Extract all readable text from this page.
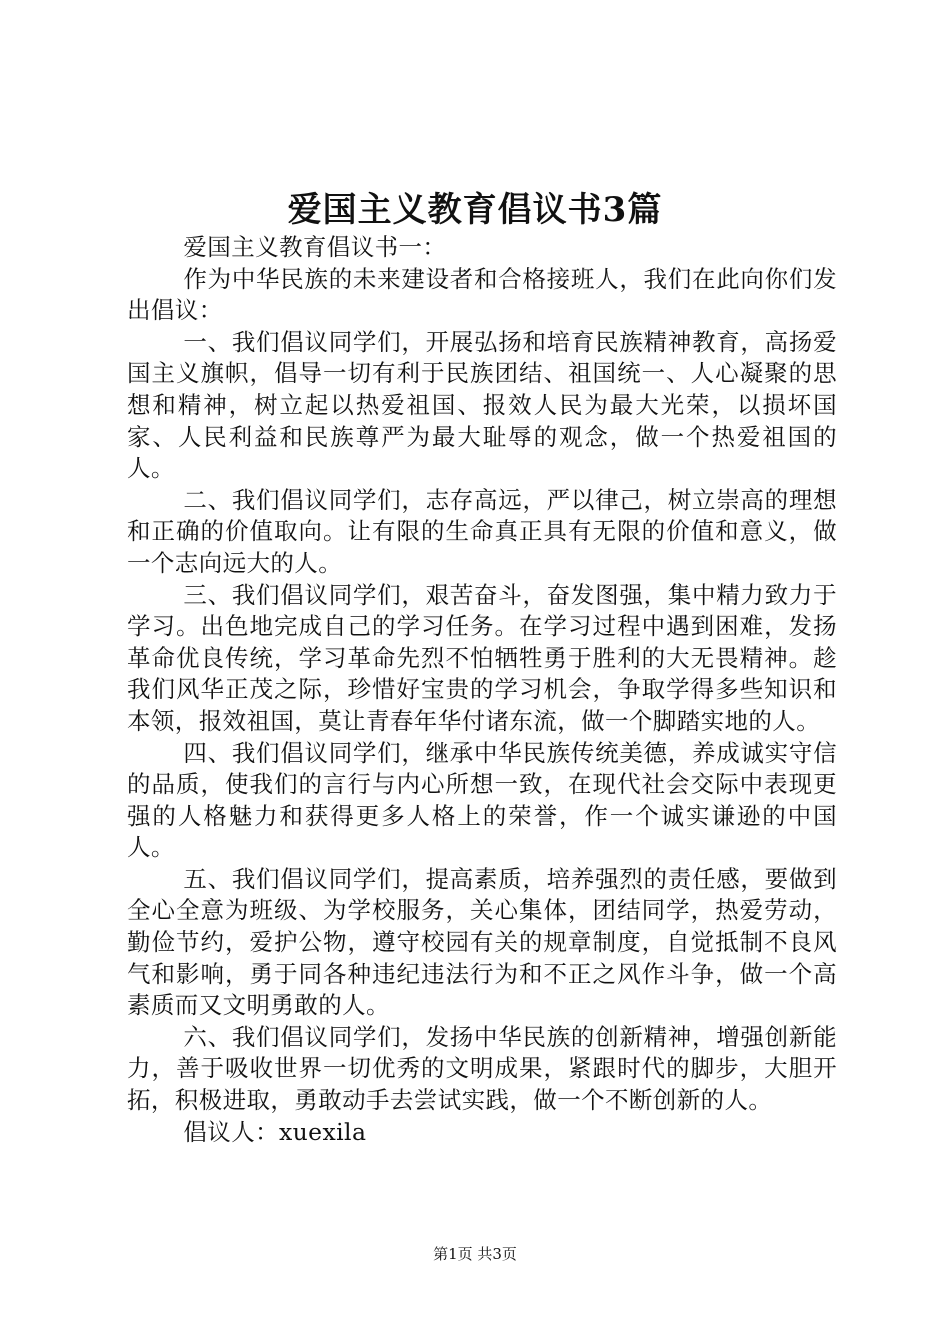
爱国主义教育倡议书3篇

爱国主义教育倡议书一：

作为中华民族的未来建设者和合格接班人，我们在此向你们发出倡议：

一、我们倡议同学们，开展弘扬和培育民族精神教育，高扬爱国主义旗帜，倡导一切有利于民族团结、祖国统一、人心凝聚的思想和精神，树立起以热爱祖国、报效人民为最大光荣，以损坏国家、人民利益和民族尊严为最大耻辱的观念，做一个热爱祖国的人。

二、我们倡议同学们，志存高远，严以律己，树立崇高的理想和正确的价值取向。让有限的生命真正具有无限的价值和意义，做一个志向远大的人。

三、我们倡议同学们，艰苦奋斗，奋发图强，集中精力致力于学习。出色地完成自己的学习任务。在学习过程中遇到困难，发扬革命优良传统，学习革命先烈不怕牺牲勇于胜利的大无畏精神。趁我们风华正茂之际，珍惜好宝贵的学习机会，争取学得多些知识和本领，报效祖国，莫让青春年华付诸东流，做一个脚踏实地的人。

四、我们倡议同学们，继承中华民族传统美德，养成诚实守信的品质，使我们的言行与内心所想一致，在现代社会交际中表现更强的人格魅力和获得更多人格上的荣誉，作一个诚实谦逊的中国人。

五、我们倡议同学们，提高素质，培养强烈的责任感，要做到全心全意为班级、为学校服务，关心集体，团结同学，热爱劳动，勤俭节约，爱护公物，遵守校园有关的规章制度，自觉抵制不良风气和影响，勇于同各种违纪违法行为和不正之风作斗争，做一个高素质而又文明勇敢的人。

六、我们倡议同学们，发扬中华民族的创新精神，增强创新能力，善于吸收世界一切优秀的文明成果，紧跟时代的脚步，大胆开拓，积极进取，勇敢动手去尝试实践，做一个不断创新的人。

倡议人：xuexila

第1页 共3页
